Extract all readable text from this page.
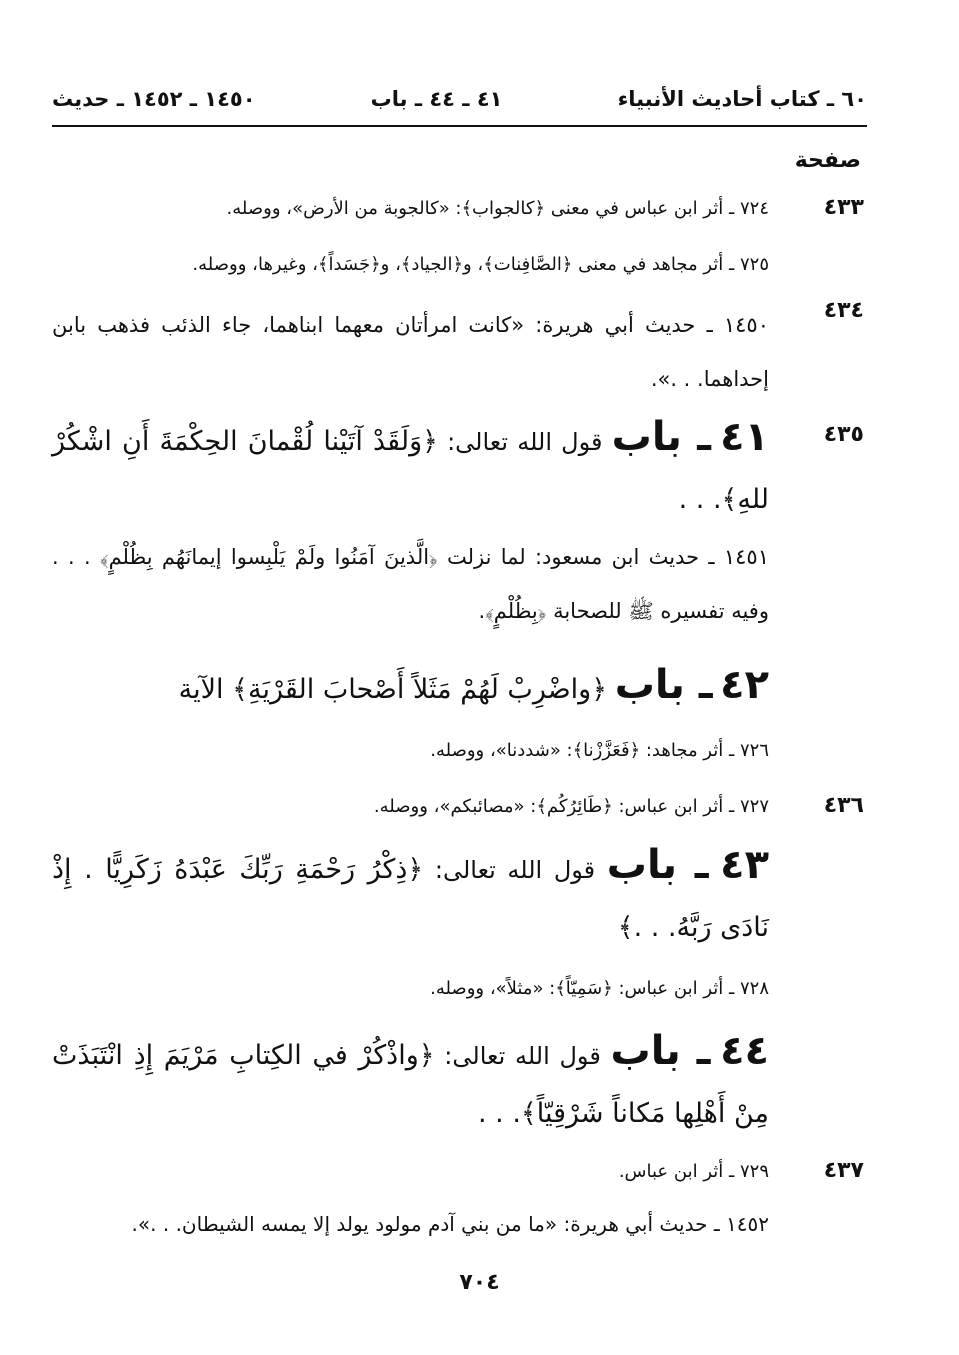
٦٠ ـ كتاب أحاديث الأنبياء
٤١ ـ ٤٤ ـ باب
١٤٥٠ ـ ١٤٥٢ ـ حديث
صفحة
٤٣٣
٧٢٤ ـ أثر ابن عباس في معنى ﴿كالجواب﴾: «كالجوبة من الأرض»، ووصله.
٧٢٥ ـ أثر مجاهد في معنى ﴿الصَّافِنات﴾، و﴿الجياد﴾، و﴿جَسَداً﴾، وغيرها، ووصله.
٤٣٤
١٤٥٠ ـ حديث أبي هريرة: «كانت امرأتان معهما ابناهما، جاء الذئب فذهب بابن إحداهما. . .».
٤٣٥
٤١ ـ باب قول الله تعالى: ﴿وَلَقَدْ آتَيْنا لُقْمانَ الحِكْمَةَ أَنِ اشْكُرْ للهِ﴾. . .
١٤٥١ ـ حديث ابن مسعود: لما نزلت ﴿الَّذينَ آمَنُوا ولَمْ يَلْبِسوا إيمانَهُم بِظُلْمٍ﴾ . . . وفيه تفسيره ﷺ للصحابة ﴿بِظُلْمٍ﴾.
٤٢ ـ باب ﴿واضْرِبْ لَهُمْ مَثَلاً أَصْحابَ القَرْيَةِ﴾ الآية
٧٢٦ ـ أثر مجاهد: ﴿فَعَزَّزْنا﴾: «شددنا»، ووصله.
٤٣٦
٧٢٧ ـ أثر ابن عباس: ﴿طَائِرُكُم﴾: «مصائبكم»، ووصله.
٤٣ ـ باب قول الله تعالى: ﴿ذِكْرُ رَحْمَةِ رَبِّكَ عَبْدَهُ زَكَرِيًّا . إِذْ نَادَى رَبَّهُ. . .﴾
٧٢٨ ـ أثر ابن عباس: ﴿سَمِيّاً﴾: «مثلاً»، ووصله.
٤٤ ـ باب قول الله تعالى: ﴿واذْكُرْ في الكِتابِ مَرْيَمَ إِذِ انْتَبَذَتْ مِنْ أَهْلِها مَكاناً شَرْقِيّاً﴾. . .
٤٣٧
٧٢٩ ـ أثر ابن عباس.
١٤٥٢ ـ حديث أبي هريرة: «ما من بني آدم مولود يولد إلا يمسه الشيطان. . .».
٧٠٤
